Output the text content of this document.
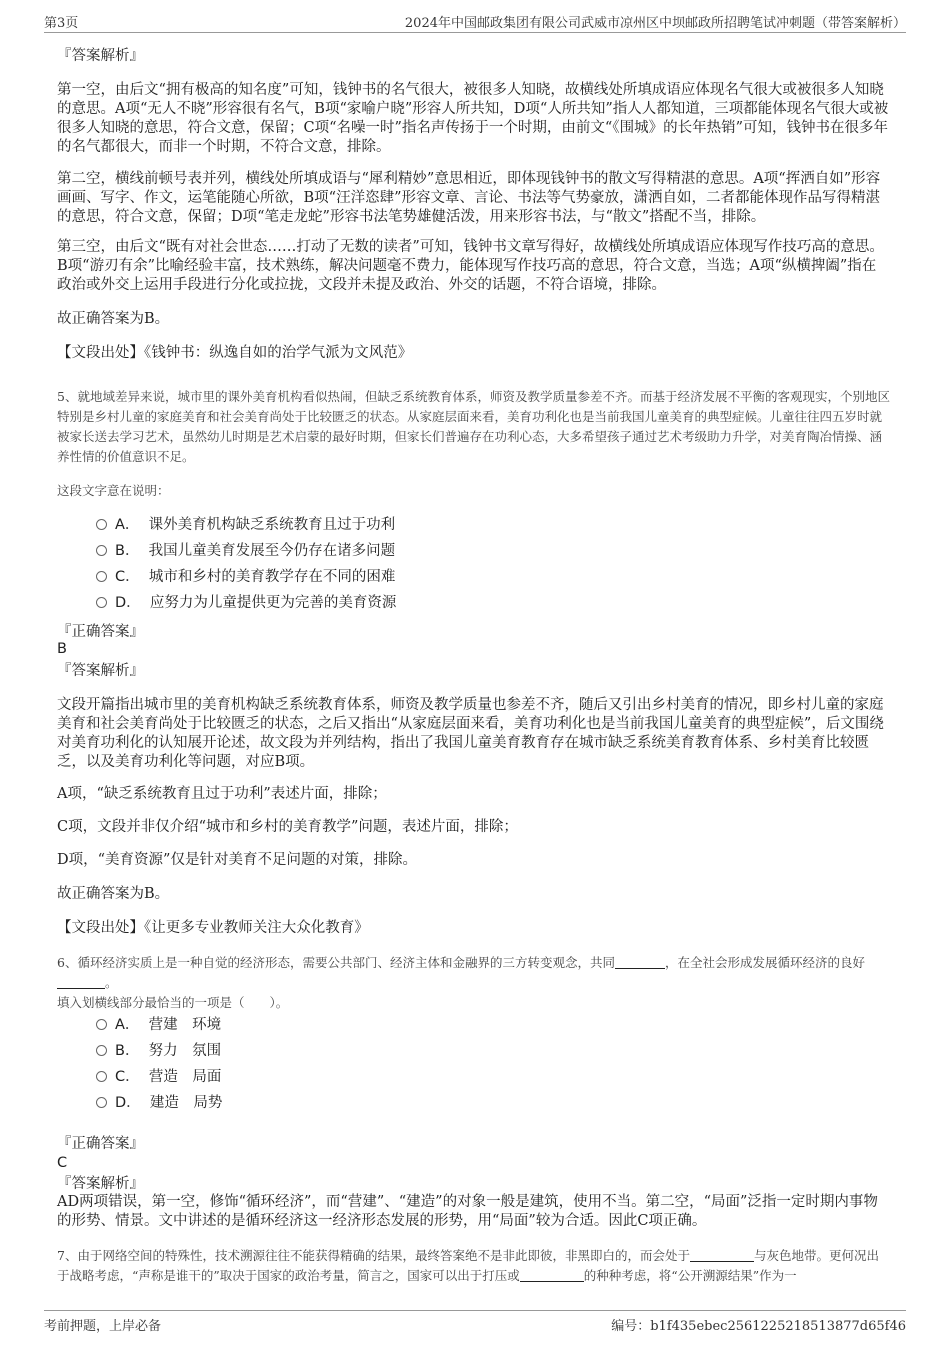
第3页	2024年中国邮政集团有限公司武威市凉州区中坝邮政所招聘笔试冲刺题（带答案解析）

『答案解析』

第一空，由后文“拥有极高的知名度”可知，钱钟书的名气很大，被很多人知晓，故横线处所填成语应体现名气很大或被很多人知晓的意思。A项“无人不晓”形容很有名气，B项“家喻户晓”形容人所共知，D项“人所共知”指人人都知道，三项都能体现名气很大或被很多人知晓的意思，符合文意，保留；C项“名噪一时”指名声传扬于一个时期，由前文“《围城》的长年热销”可知，钱钟书在很多年的名气都很大，而非一个时期，不符合文意，排除。

第二空，横线前顿号表并列，横线处所填成语与“犀利精妙”意思相近，即体现钱钟书的散文写得精湛的意思。A项“挥洒自如”形容画画、写字、作文，运笔能随心所欲，B项“汪洋恣肆”形容文章、言论、书法等气势豪放，潇洒自如，二者都能体现作品写得精湛的意思，符合文意，保留；D项“笔走龙蛇”形容书法笔势雄健活泼，用来形容书法，与“散文”搭配不当，排除。

第三空，由后文“既有对社会世态……打动了无数的读者”可知，钱钟书文章写得好，故横线处所填成语应体现写作技巧高的意思。B项“游刃有余”比喻经验丰富，技术熟练，解决问题毫不费力，能体现写作技巧高的意思，符合文意，当选；A项“纵横捭阖”指在政治或外交上运用手段进行分化或拉拢，文段并未提及政治、外交的话题，不符合语境，排除。

故正确答案为B。

【文段出处】《钱钟书：纵逸自如的治学气派为文风范》

5、就地域差异来说，城市里的课外美育机构看似热闹，但缺乏系统教育体系，师资及教学质量参差不齐。而基于经济发展不平衡的客观现实，个别地区特别是乡村儿童的家庭美育和社会美育尚处于比较匮乏的状态。从家庭层面来看，美育功利化也是当前我国儿童美育的典型症候。儿童往往四五岁时就被家长送去学习艺术，虽然幼儿时期是艺术启蒙的最好时期，但家长们普遍存在功利心态，大多希望孩子通过艺术考级助力升学，对美育陶冶情操、涵养性情的价值意识不足。

这段文字意在说明：

A． 课外美育机构缺乏系统教育且过于功利
B． 我国儿童美育发展至今仍存在诸多问题
C． 城市和乡村的美育教学存在不同的困难
D． 应努力为儿童提供更为完善的美育资源

『正确答案』

B

『答案解析』

文段开篇指出城市里的美育机构缺乏系统教育体系，师资及教学质量也参差不齐，随后又引出乡村美育的情况，即乡村儿童的家庭美育和社会美育尚处于比较匮乏的状态，之后又指出“从家庭层面来看，美育功利化也是当前我国儿童美育的典型症候”，后文围绕对美育功利化的认知展开论述，故文段为并列结构，指出了我国儿童美育教育存在城市缺乏系统美育教育体系、乡村美育比较匮乏，以及美育功利化等问题，对应B项。

A项，“缺乏系统教育且过于功利”表述片面，排除；

C项，文段并非仅介绍“城市和乡村的美育教学”问题，表述片面，排除；

D项，“美育资源”仅是针对美育不足问题的对策，排除。

故正确答案为B。

【文段出处】《让更多专业教师关注大众化教育》

6、循环经济实质上是一种自觉的经济形态，需要公共部门、经济主体和金融界的三方转变观念，共同	，在全社会形成发展循环经济的良好。

填入划横线部分最恰当的一项是（　　）。

A． 营建　环境
B． 努力　氛围
C． 营造　局面
D． 建造　局势

『正确答案』

C

『答案解析』

AD两项错误，第一空，修饰“循环经济”，而“营建”、“建造”的对象一般是建筑，使用不当。第二空，“局面”泛指一定时期内事物的形势、情景。文中讲述的是循环经济这一经济形态发展的形势，用“局面”较为合适。因此C项正确。

7、由于网络空间的特殊性，技术溯源往往不能获得精确的结果，最终答案绝不是非此即彼，非黑即白的，而会处于	与灰色地带。更何况出于战略考虑，“声称是谁干的”取决于国家的政治考量，简言之，国家可以出于打压或	的种种考虑，将“公开溯源结果”作为一

考前押题，上岸必备	编号：b1f435ebec2561225218513877d65f46
